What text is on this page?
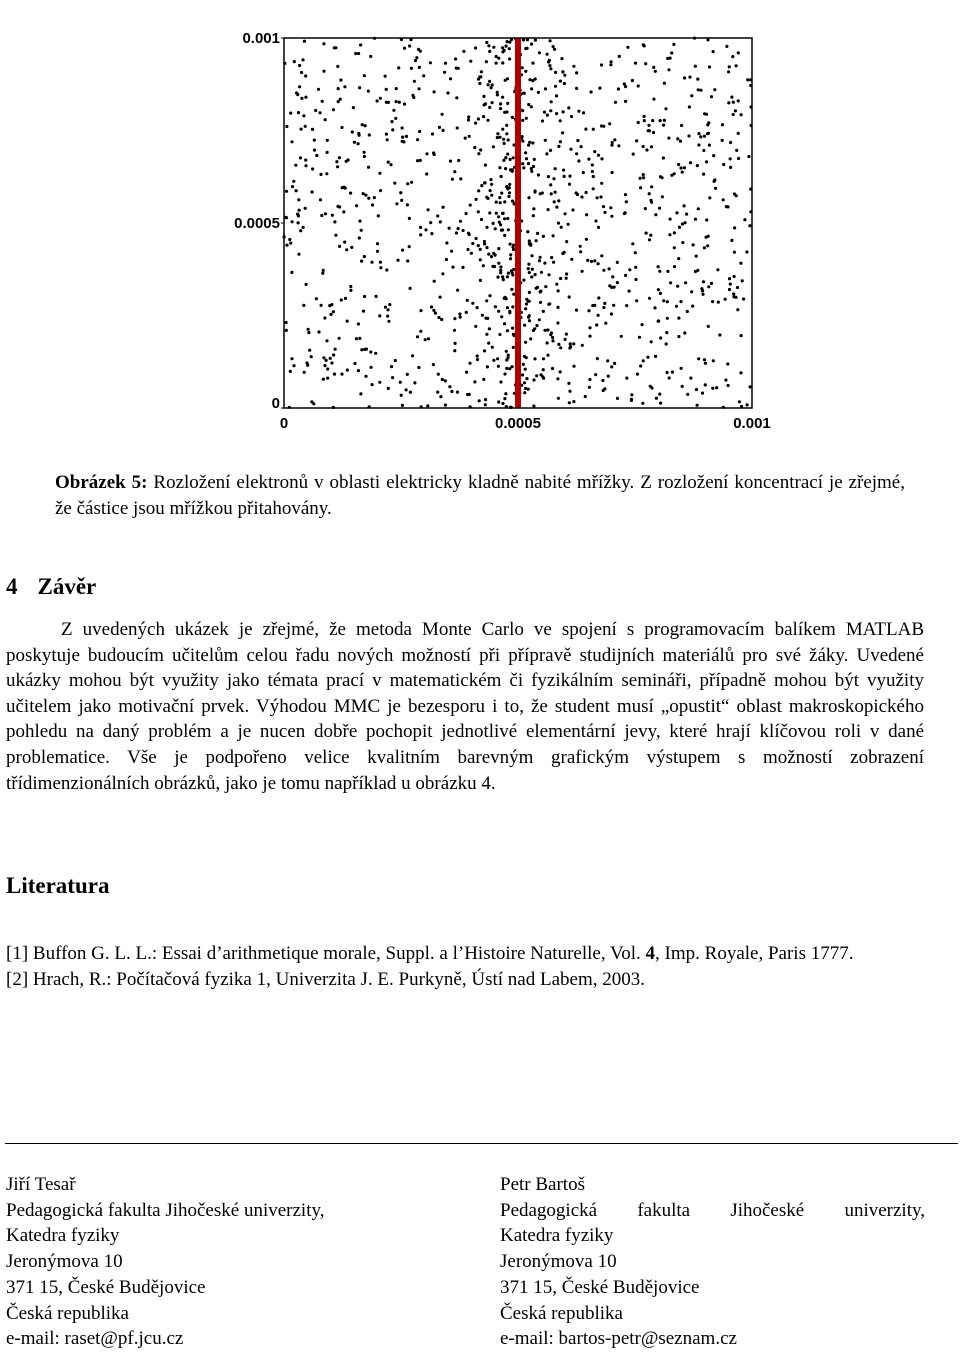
0	0.0005	0.001
0
0.0005
0.001
Obrázek 5: Rozložení elektronů v oblasti elektricky kladně nabité mřížky. Z rozložení koncentrací je zřejmé, že částice jsou mřížkou přitahovány.
4 Závěr

Z uvedených ukázek je zřejmé, že metoda Monte Carlo ve spojení s programovacím balíkem MATLAB poskytuje budoucím učitelům celou řadu nových možností při přípravě studijních materiálů pro své žáky. Uvedené ukázky mohou být využity jako témata prací v matematickém či fyzikálním semináři, případně mohou být využity učitelem jako motivační prvek. Výhodou MMC je bezesporu i to, že student musí „opustit“ oblast makroskopického pohledu na daný problém a je nucen dobře pochopit jednotlivé elementární jevy, které hrají klíčovou roli v dané problematice. Vše je podpořeno velice kvalitním barevným grafickým výstupem s možností zobrazení třídimenzionálních obrázků, jako je tomu například u obrázku 4.

Literatura
[1] Buffon G. L. L.: Essai d’arithmetique morale, Suppl. a l’Histoire Naturelle, Vol. 4, Imp. Royale, Paris 1777.
[2] Hrach, R.: Počítačová fyzika 1, Univerzita J. E. Purkyně, Ústí nad Labem, 2003.
Jiří Tesař
Pedagogická fakulta Jihočeské univerzity,
Katedra fyziky
Jeronýmova 10
371 15, České Budějovice
Česká republika
e-mail: raset@pf.jcu.cz
Petr Bartoš
Pedagogická fakulta Jihočeské univerzity,
Katedra fyziky
Jeronýmova 10
371 15, České Budějovice
Česká republika
e-mail: bartos-petr@seznam.cz
